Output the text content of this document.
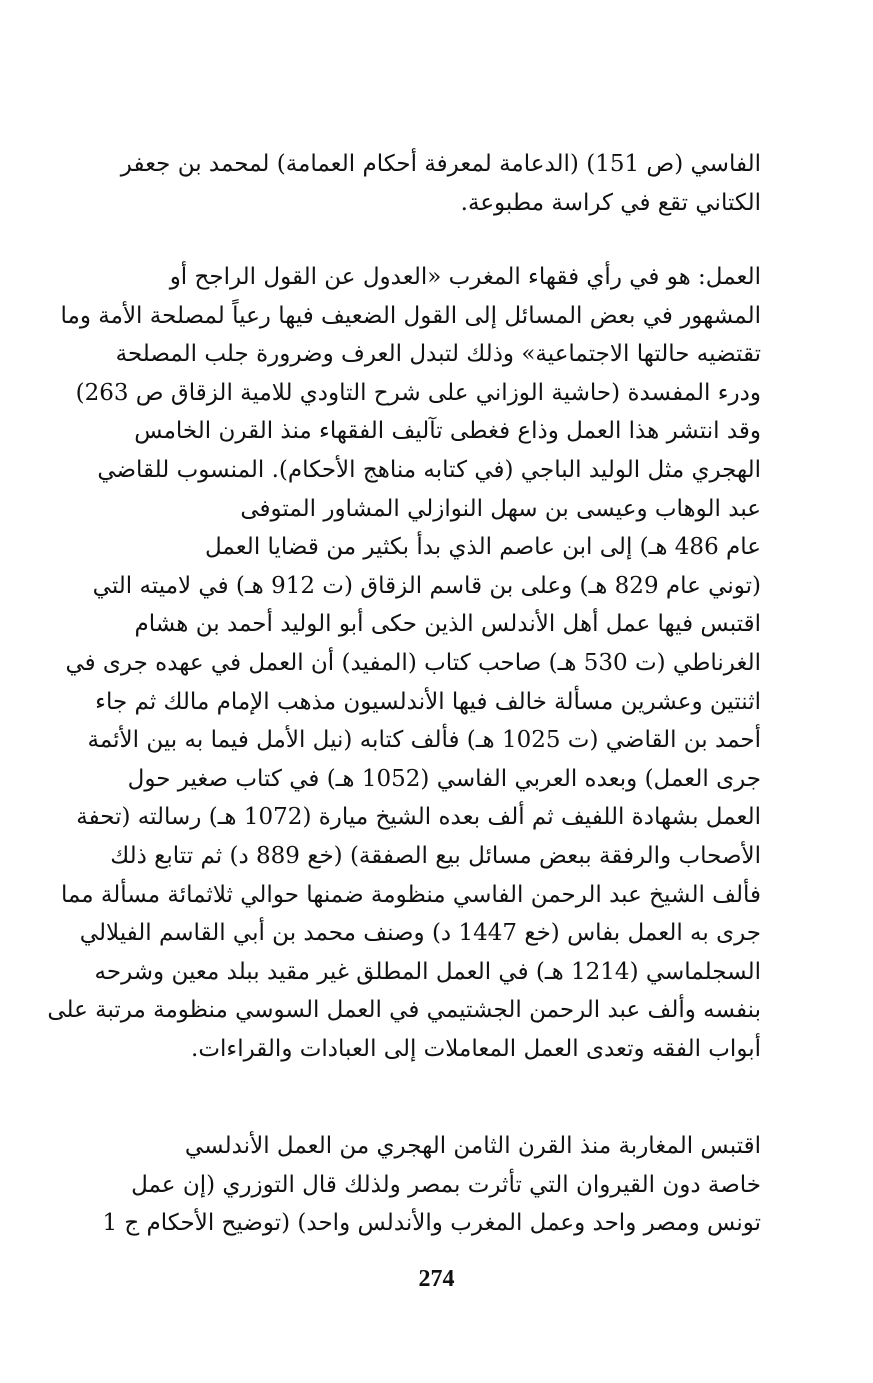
الفاسي (ص 151) (الدعامة لمعرفة أحكام العمامة) لمحمد بن جعفر
الكتاني تقع في كراسة مطبوعة.
العمل: هو في رأي فقهاء المغرب «العدول عن القول الراجح أو
المشهور في بعض المسائل إلى القول الضعيف فيها رعياً لمصلحة الأمة وما
تقتضيه حالتها الاجتماعية» وذلك لتبدل العرف وضرورة جلب المصلحة
ودرء المفسدة (حاشية الوزاني على شرح التاودي للامية الزقاق ص 263)
وقد انتشر هذا العمل وذاع فغطى تآليف الفقهاء منذ القرن الخامس
الهجري مثل الوليد الباجي (في كتابه مناهج الأحكام). المنسوب للقاضي
عبد الوهاب وعيسى بن سهل النوازلي المشاور المتوفى
عام 486 هـ) إلى ابن عاصم الذي بدأ بكثير من قضايا العمل
(توني عام 829 هـ) وعلى بن قاسم الزقاق (ت 912 هـ) في لاميته التي
اقتبس فيها عمل أهل الأندلس الذين حكى أبو الوليد أحمد بن هشام
الغرناطي (ت 530 هـ) صاحب كتاب (المفيد) أن العمل في عهده جرى في
اثنتين وعشرين مسألة خالف فيها الأندلسيون مذهب الإمام مالك ثم جاء
أحمد بن القاضي (ت 1025 هـ) فألف كتابه (نيل الأمل فيما به بين الأئمة
جرى العمل) وبعده العربي الفاسي (1052 هـ) في كتاب صغير حول
العمل بشهادة اللفيف ثم ألف بعده الشيخ ميارة (1072 هـ) رسالته (تحفة
الأصحاب والرفقة ببعض مسائل بيع الصفقة) (خع 889 د) ثم تتابع ذلك
فألف الشيخ عبد الرحمن الفاسي منظومة ضمنها حوالي ثلاثمائة مسألة مما
جرى به العمل بفاس (خع 1447 د) وصنف محمد بن أبي القاسم الفيلالي
السجلماسي (1214 هـ) في العمل المطلق غير مقيد ببلد معين وشرحه
بنفسه وألف عبد الرحمن الجشتيمي في العمل السوسي منظومة مرتبة على
أبواب الفقه وتعدى العمل المعاملات إلى العبادات والقراءات.
اقتبس المغاربة منذ القرن الثامن الهجري من العمل الأندلسي
خاصة دون القيروان التي تأثرت بمصر ولذلك قال التوزري (إن عمل
تونس ومصر واحد وعمل المغرب والأندلس واحد) (توضيح الأحكام ج 1
274
